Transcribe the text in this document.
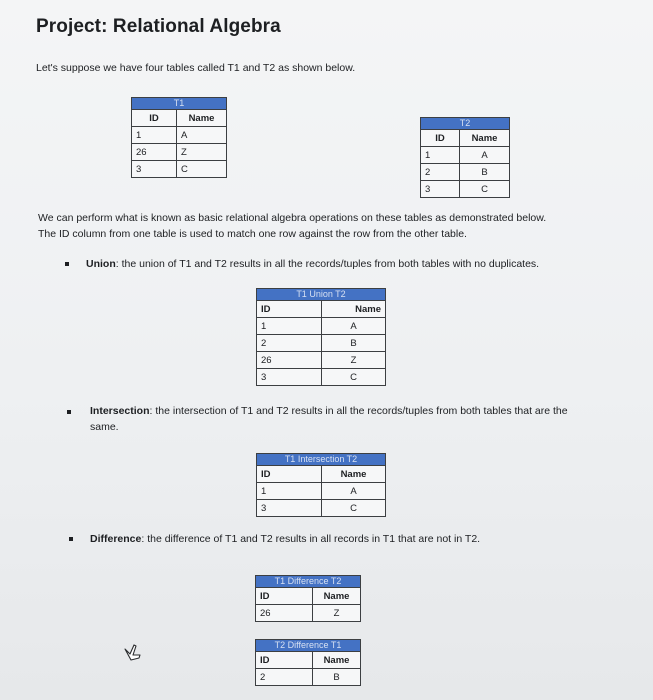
Project: Relational Algebra
Let's suppose we have four tables called T1 and T2 as shown below.
T1	
ID	Name
1	A
26	Z
3	C
T2	
ID	Name
1	A
2	B
3	C
We can perform what is known as basic relational algebra operations on these tables as demonstrated below.
The ID column from one table is used to match one row against the row from the other table.
Union: the union of T1 and T2 results in all the records/tuples from both tables with no duplicates.
T1 Union T2	
ID	Name
1	A
2	B
26	Z
3	C
Intersection: the intersection of T1 and T2 results in all the records/tuples from both tables that are the
same.
T1 Intersection T2	
ID	Name
1	A
3	C
Difference: the difference of T1 and T2 results in all records in T1 that are not in T2.
T1 Difference T2	
ID	Name
26	Z
T2 Difference T1	
ID	Name
2	B
